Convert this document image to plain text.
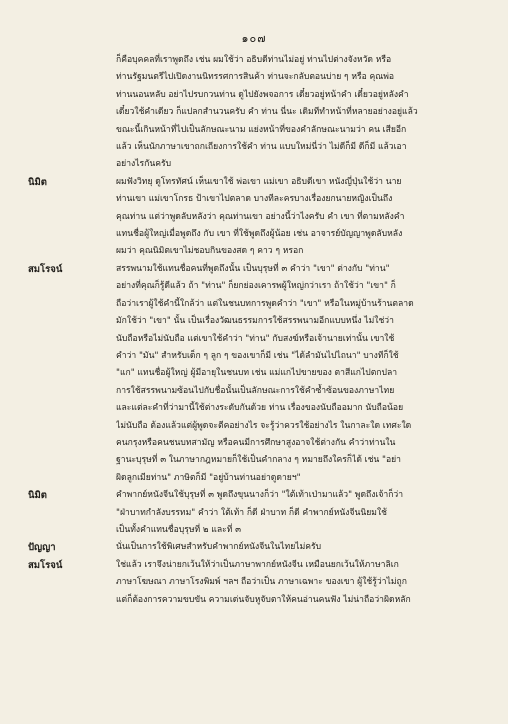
๑๐๗
ก็คือบุคคลที่เราพูดถึง เช่น ผมใช้ว่า อธิบดีท่านไม่อยู่ ท่านไปต่างจังหวัด หรือ
ท่านรัฐมนตรีไปเปิดงานนิทรรศการสินค้า ท่านจะกลับตอนบ่าย ๆ หรือ คุณพ่อ
ท่านนอนหลับ อย่าไปรบกวนท่าน ดูไปยังพจอการ เดี๋ยวอยู่หน้าคำ เดี๋ยวอยู่หลังคำ
เดี๋ยวใช้คำเดียว ก็แปลกสำนวนครับ คำ ท่าน นี่นะ เดิมทีทำหน้าที่หลายอย่างอยู่แล้ว
ขณะนี้เกินหน้าที่ไปเป็นลักษณะนาม แย่งหน้าที่ของคำลักษณะนามว่า คน เสียอีก
แล้ว เห็นนักภาษาเขาถกเถียงการใช้คำ ท่าน แบบใหม่นี่ว่า ไม่ดีก็มี ดีก็มี แล้วเอา
อย่างไรกันครับ
นิมิต	ผมฟังวิทยุ ดูโทรทัศน์ เห็นเขาใช้ พ่อเขา แม่เขา อธิบดีเขา หนังญี่ปุ่นใช้ว่า นาย
ท่านเขา แม่เขาโกรธ ป้าเขาไปตลาด บางทีละครบางเรื่องยกนายหญิงเป็นถึง
คุณท่าน แต่ว่าพูดลับหลังว่า คุณท่านเขา อย่างนี้ว่าไงครับ คำ เขา ที่ตามหลังคำ
แทนชื่อผู้ใหญ่เมื่อพูดถึง กับ เขา ที่ใช้พูดถึงผู้น้อย เช่น อาจารย์บัญญาพูดลับหลัง
ผมว่า คุณนิมิตเขาไม่ชอบกินของสด ๆ คาว ๆ หรอก
สมโรจน์	สรรพนามใช้แทนชื่อคนที่พูดถึงนั้น เป็นบุรุษที่ ๓ คำว่า "เขา" ต่างกับ "ท่าน"
อย่างที่คุณก็รู้ดีแล้ว ถ้า "ท่าน" ก็ยกย่องเคารพผู้ใหญ่กว่าเรา ถ้าใช้ว่า "เขา" ก็
ถือว่าเราผู้ใช้คำนี้ใกล้ว่า แต่ในชนบทการพูดคำว่า "เขา" หรือในหมู่บ้านร้านตลาด
มักใช้ว่า "เขา" นั้น เป็นเรื่องวัฒนธรรมการใช้สรรพนามอีกแบบหนึ่ง ไม่ใช่ว่า
นับถือหรือไม่นับถือ แต่เขาใช้คำว่า "ท่าน" กับสงฆ์หรือเจ้านายเท่านั้น เขาใช้
คำว่า "มัน" สำหรับเด็ก ๆ ลูก ๆ ของเขาก็มี เช่น "ได้ลำมันไปไถนา" บางทีก็ใช้
"แก" แทนชื่อผู้ใหญ่ ผู้มีอายุในชนบท เช่น แม่แกไปขายของ ตาสีแกไปตกปลา
การใช้สรรพนามซ้อนไปกับชื่อนั้นเป็นลักษณะการใช้คำซ้ำซ้อนของภาษาไทย
และแต่ละคำที่ว่ามานี้ใช้ต่างระดับกันด้วย ท่าน เรื่องของนับถืออมาก นับถือน้อย
ไม่นับถือ ต้องแล้วแต่ผู้พูดจะตีคอย่างไร จะรู้ว่าควรใช้อย่างไร ในกาละใด เทศะใด
คนกรุงหรือคนชนบทสามัญ หรือคนมีการศึกษาสูงอาจใช้ต่างกัน คำว่าท่านใน
ฐานะบุรุษที่ ๓ ในภาษากฎหมายก็ใช้เป็นคำกลาง ๆ หมายถึงใครก็ได้ เช่น "อย่า
ผิดลูกเมียท่าน" ภาษิตก็มี "อยู่บ้านท่านอย่าดูดายฯ"
นิมิต	คำพากย์หนังจีนใช้บุรุษที่ ๓ พูดถึงขุนนางก็ว่า "ใต้เท้าเป่ามาแล้ว" พูดถึงเจ้าก็ว่า
"ฝ่าบาทกำลังบรรทม" คำว่า ใต้เท้า ก็ดี ฝ่าบาท ก็ดี คำพากย์หนังจีนนิยมใช้
เป็นทั้งคำแทนชื่อบุรุษที่ ๒ และที่ ๓
ปัญญา	นั่นเป็นการใช้พิเศษสำหรับคำพากย์หนังจีนในไทยไม่ครับ
สมโรจน์	ใช่แล้ว เราจึงน่ายกเว้นให้ว่าเป็นภาษาพากย์หนังจีน เหมือนยกเว้นให้ภาษาลิเก
ภาษาโฆษณา ภาษาโรงพิมพ์ ฯลฯ ถือว่าเป็น ภาษาเฉพาะ ของเขา ผู้ใช้รู้ว่าไม่ถูก
แต่ก็ต้องการความขบขัน ความเด่นจับหูจับตาให้คนอ่านคนฟัง ไม่น่าถือว่าผิดหลัก
